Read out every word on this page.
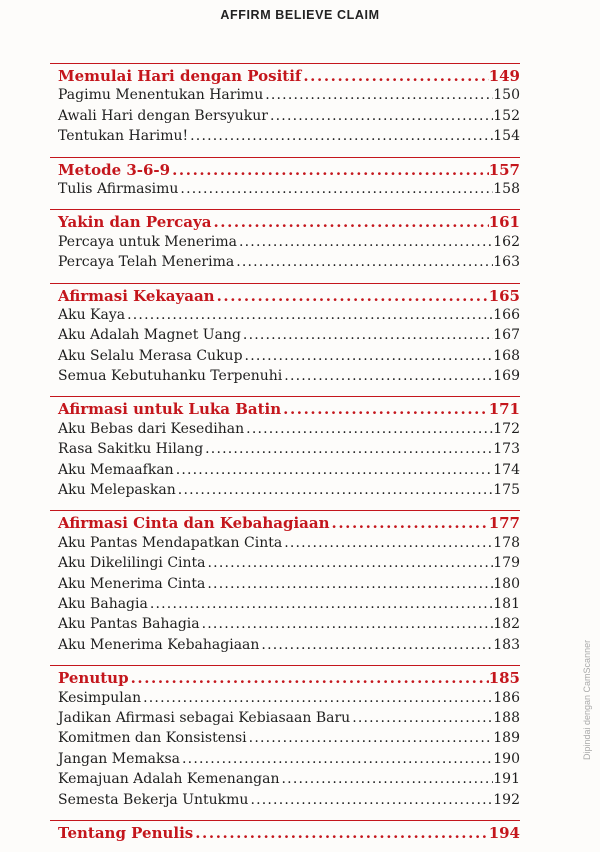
AFFIRM BELIEVE CLAIM
Memulai Hari dengan Positif .....	149
Pagimu Menentukan Harimu .....	150
Awali Hari dengan Bersyukur .....	152
Tentukan Harimu! .....	154
Metode 3-6-9 .....	157
Tulis Afirmasimu .....	158
Yakin dan Percaya .....	161
Percaya untuk Menerima .....	162
Percaya Telah Menerima .....	163
Afirmasi Kekayaan .....	165
Aku Kaya .....	166
Aku Adalah Magnet Uang .....	167
Aku Selalu Merasa Cukup .....	168
Semua Kebutuhanku Terpenuhi .....	169
Afirmasi untuk Luka Batin .....	171
Aku Bebas dari Kesedihan .....	172
Rasa Sakitku Hilang .....	173
Aku Memaafkan .....	174
Aku Melepaskan .....	175
Afirmasi Cinta dan Kebahagiaan .....	177
Aku Pantas Mendapatkan Cinta .....	178
Aku Dikelilingi Cinta .....	179
Aku Menerima Cinta .....	180
Aku Bahagia .....	181
Aku Pantas Bahagia .....	182
Aku Menerima Kebahagiaan .....	183
Penutup .....	185
Kesimpulan .....	186
Jadikan Afirmasi sebagai Kebiasaan Baru .....	188
Komitmen dan Konsistensi .....	189
Jangan Memaksa .....	190
Kemajuan Adalah Kemenangan .....	191
Semesta Bekerja Untukmu .....	192
Tentang Penulis .....	194
Dipindai dengan CamScanner
